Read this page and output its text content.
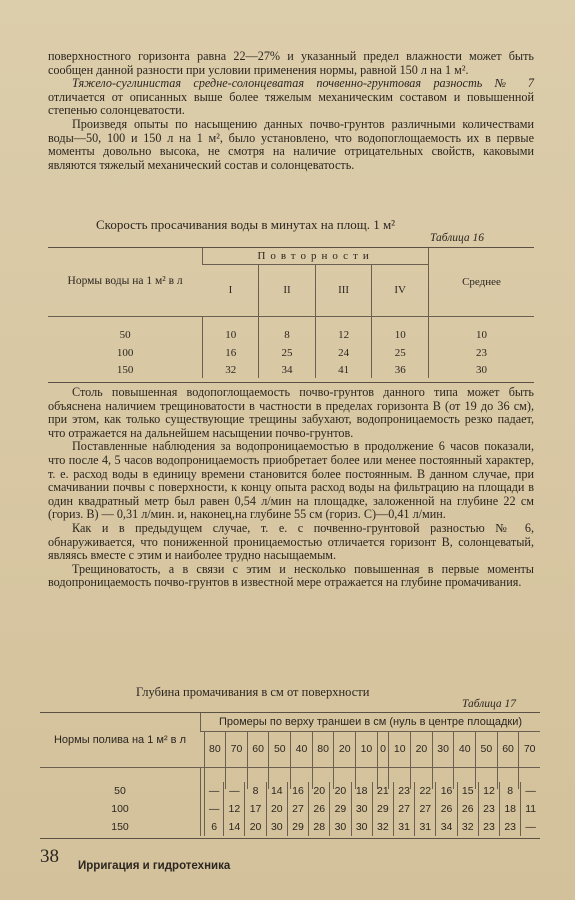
поверхностного горизонта равна 22—27% и указанный предел влажности может быть сообщен данной разности при условии применения нормы, равной 150 л на 1 м².

Тяжело-суглинистая средне-солонцеватая почвенно-грунтовая разность № 7 отличается от описанных выше более тяжелым механическим составом и повышенной степенью солонцеватости.

Произведя опыты по насыщению данных почво-грунтов различными количествами воды—50, 100 и 150 л на 1 м², было установлено, что водопоглощаемость их в первые моменты довольно высока, не смотря на наличие отрицательных свойств, каковыми являются тяжелый механический состав и солонцеватость.

Скорость просачивания воды в минутах на площ. 1 м²
Таблица 16
Нормы воды на 1 м² в л	Повторности				Среднее
	I	II	III	IV	

50	10	8	12	10	10
100	16	25	24	25	23
150	32	34	41	36	30

Столь повышенная водопоглощаемость почво-грунтов данного типа может быть объяснена наличием трещиноватости в частности в пределах горизонта В (от 19 до 36 см), при этом, как только существующие трещины забухают, водопроницаемость резко падает, что отражается на дальнейшем насыщении почво-грунтов.

Поставленные наблюдения за водопроницаемостью в продолжение 6 часов показали, что после 4, 5 часов водопроницаемость приобретает более или менее постоянный характер, т. е. расход воды в единицу времени становится более постоянным. В данном случае, при смачивании почвы с поверхности, к концу опыта расход воды на фильтрацию на площади в один квадратный метр был равен 0,54 л/мин на площадке, заложенной на глубине 22 см (гориз. В) — 0,31 л/мин. и, наконец,на глубине 55 см (гориз. С)—0,41 л/мин.

Как и в предыдущем случае, т. е. с почвенно-грунтовой разностью № 6, обнаруживается, что пониженной проницаемостью отличается горизонт В, солонцеватый, являясь вместе с этим и наиболее трудно насыщаемым.

Трещиноватость, а в связи с этим и несколько повышенная в первые моменты водопроницаемость почво-грунтов в известной мере отражается на глубине промачивания.

Глубина промачивания в см от поверхности
Таблица 17
Нормы полива на 1 м² в л	Промеры по верху траншеи в см (нуль в центре площадки)																
		80	70	60	50	40	80	20	10	0	10	20	30	40	50	60	70

50		—	—	8	14	16	20	20	18	21	23	22	16	15	12	8	—
100		—	12	17	20	27	26	29	30	29	27	27	26	26	23	18	11
150		6	14	20	30	29	28	30	30	32	31	31	34	32	23	23	—
38 Ирригация и гидротехника
